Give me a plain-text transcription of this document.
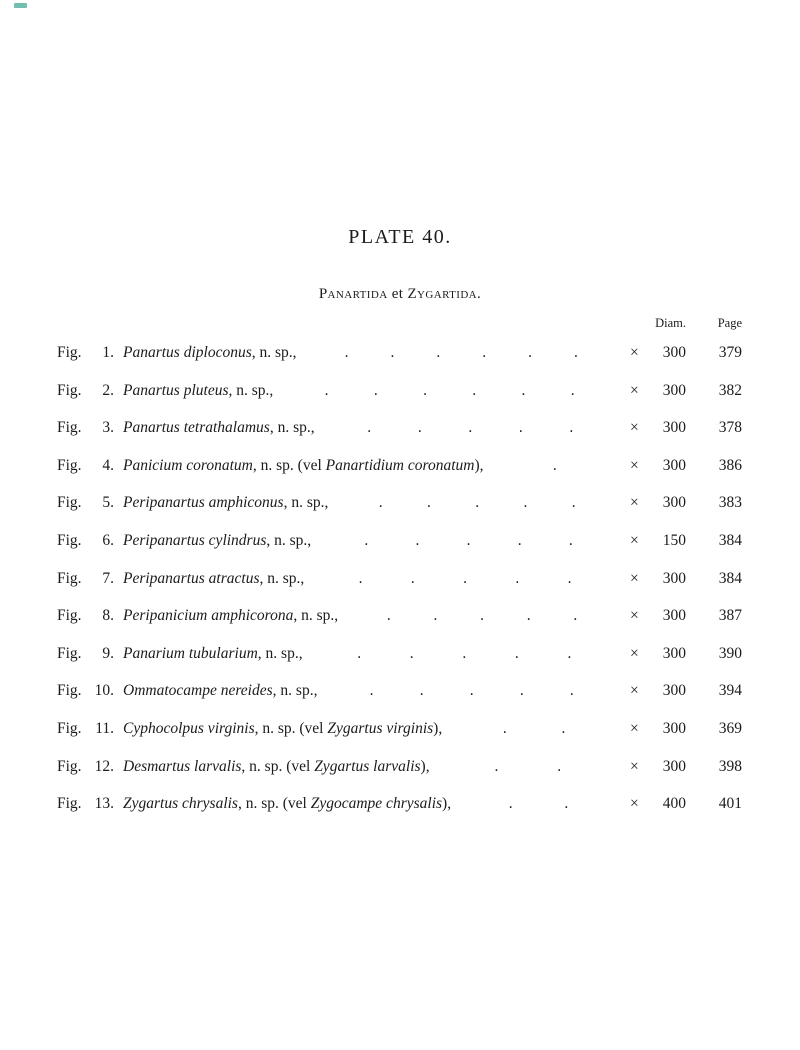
PLATE 40.
Panartida et Zygartida.
Diam.	Page
Fig.	1. Panartus diploconus, n. sp.,	.	.	.	.	.	.	× 300	379
Fig.	2. Panartus pluteus, n. sp.,	.	.	.	.	.	.	× 300	382
Fig.	3. Panartus tetrathalamus, n. sp.,	.	.	.	.	.	× 300	378
Fig.	4. Panicium coronatum, n. sp. (vel Panartidium coronatum),	.	× 300	386
Fig.	5. Peripanartus amphiconus, n. sp.,	.	.	.	.	.	× 300	383
Fig.	6. Peripanartus cylindrus, n. sp.,	.	.	.	.	.	× 150	384
Fig.	7. Peripanartus atractus, n. sp.,	.	.	.	.	.	× 300	384
Fig.	8. Peripanicium amphicorona, n. sp.,	.	.	.	.	.	× 300	387
Fig.	9. Panarium tubularium, n. sp.,	.	.	.	.	.	× 300	390
Fig. 10. Ommatocampe nereides, n. sp.,	.	.	.	.	.	× 300	394
Fig. 11. Cyphocolpus virginis, n. sp. (vel Zygartus virginis),	.	.	× 300	369
Fig. 12. Desmartus larvalis, n. sp. (vel Zygartus larvalis),	.	.	× 300	398
Fig. 13. Zygartus chrysalis, n. sp. (vel Zygocampe chrysalis),	.	.	× 400	401
